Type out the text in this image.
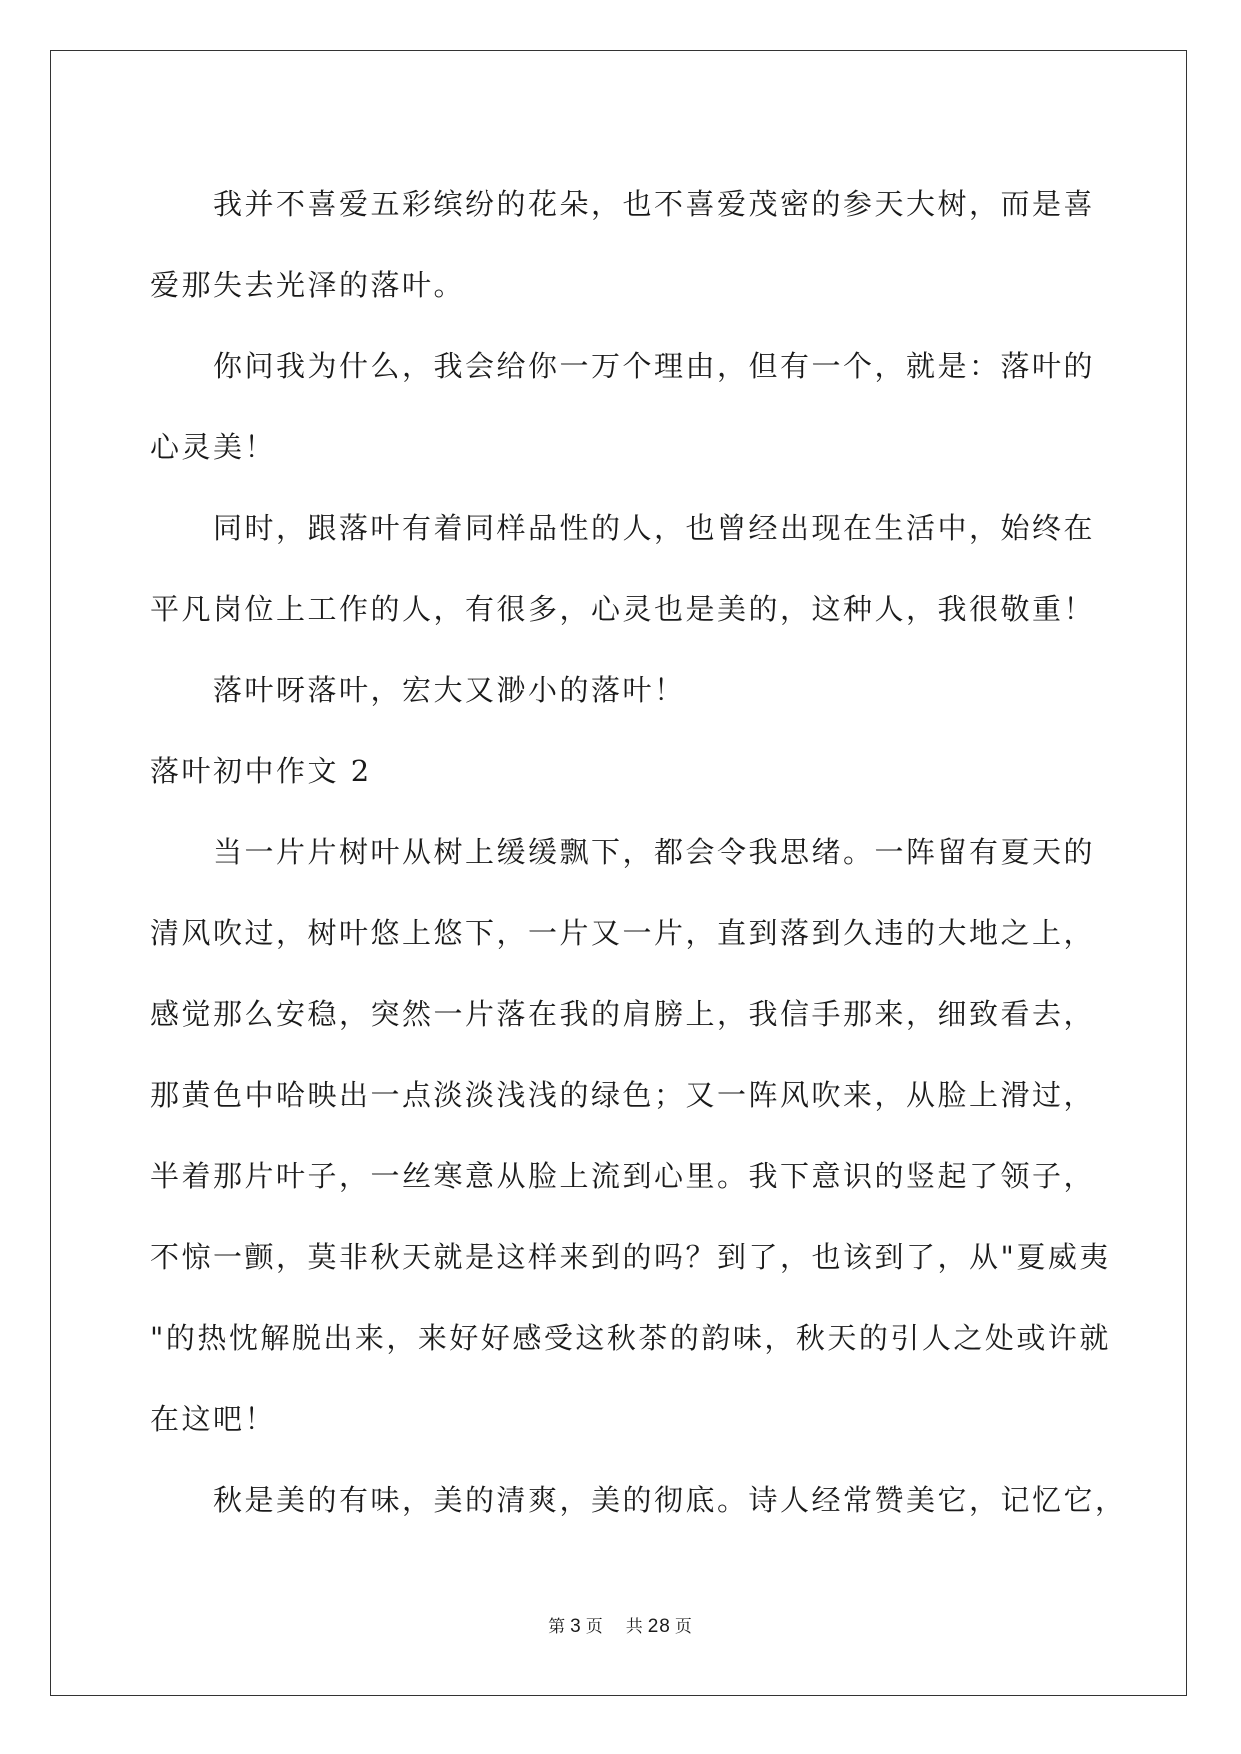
我并不喜爱五彩缤纷的花朵，也不喜爱茂密的参天大树，而是喜
爱那失去光泽的落叶。

你问我为什么，我会给你一万个理由，但有一个，就是：落叶的
心灵美！

同时，跟落叶有着同样品性的人，也曾经出现在生活中，始终在
平凡岗位上工作的人，有很多，心灵也是美的，这种人，我很敬重！

落叶呀落叶，宏大又渺小的落叶！

落叶初中作文 2

当一片片树叶从树上缓缓飘下，都会令我思绪。一阵留有夏天的
清风吹过，树叶悠上悠下，一片又一片，直到落到久违的大地之上，
感觉那么安稳，突然一片落在我的肩膀上，我信手那来，细致看去，
那黄色中哈映出一点淡淡浅浅的绿色；又一阵风吹来，从脸上滑过，
半着那片叶子，一丝寒意从脸上流到心里。我下意识的竖起了领子，
不惊一颤，莫非秋天就是这样来到的吗？到了，也该到了，从"夏威夷
"的热忱解脱出来，来好好感受这秋茶的韵味，秋天的引人之处或许就
在这吧！

秋是美的有味，美的清爽，美的彻底。诗人经常赞美它，记忆它，

第 3 页 共 28 页
